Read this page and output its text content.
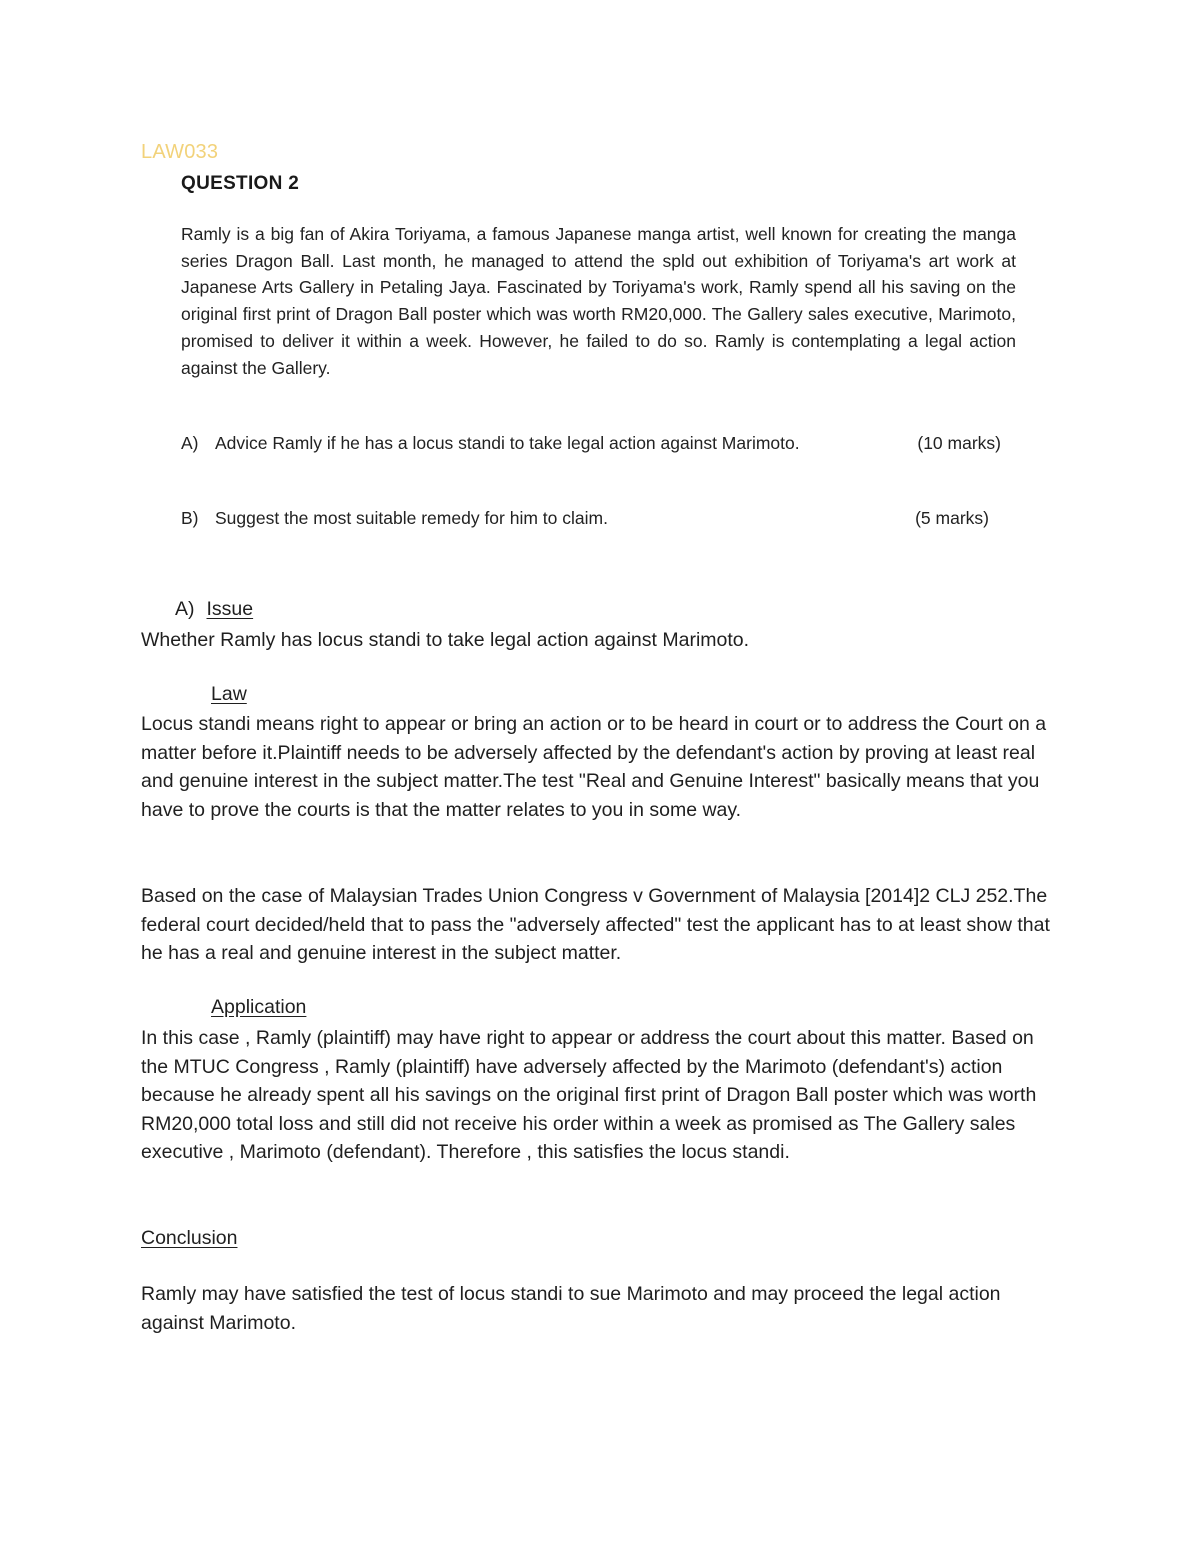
LAW033
QUESTION 2
Ramly is a big fan of Akira Toriyama, a famous Japanese manga artist, well known for creating the manga series Dragon Ball. Last month, he managed to attend the spld out exhibition of Toriyama's art work at Japanese Arts Gallery in Petaling Jaya. Fascinated by Toriyama's work, Ramly spend all his saving on the original first print of Dragon Ball poster which was worth RM20,000. The Gallery sales executive, Marimoto, promised to deliver it within a week. However, he failed to do so. Ramly is contemplating a legal action against the Gallery.
A) Advice Ramly if he has a locus standi to take legal action against Marimoto.	(10 marks)
B) Suggest the most suitable remedy for him to claim.	(5 marks)
A) Issue
Whether Ramly has locus standi to take legal action against Marimoto.
Law
Locus standi means right to appear or bring an action or to be heard in court or to address the Court on a matter before it.Plaintiff needs to be adversely affected by the defendant's action by proving at least real and genuine interest in the subject matter.The test "Real and Genuine Interest" basically means that you have to prove the courts is that the matter relates to you in some way.
Based on the case of Malaysian Trades Union Congress v Government of Malaysia [2014]2 CLJ 252.The federal court decided/held that to pass the "adversely affected" test the applicant has to at least show that he has a real and genuine interest in the subject matter.
Application
In this case , Ramly (plaintiff) may have right to appear or address the court about this matter. Based on the MTUC Congress , Ramly (plaintiff) have adversely affected by the Marimoto (defendant's) action because he already spent all his savings on the original first print of Dragon Ball poster which was worth RM20,000 total loss and still did not receive his order within a week as promised as The Gallery sales executive , Marimoto (defendant). Therefore , this satisfies the locus standi.
Conclusion
Ramly may have satisfied the test of locus standi to sue Marimoto and may proceed the legal action against Marimoto.
